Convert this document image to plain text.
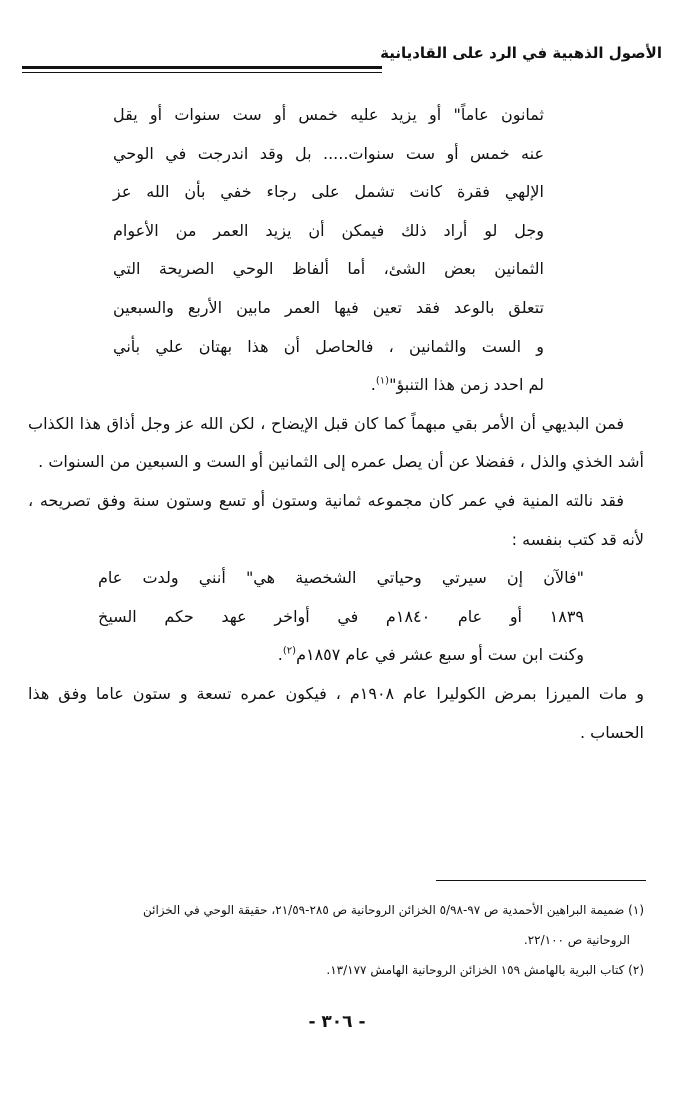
الأصول الذهبية في الرد على القاديانية
ثمانون عاماً" أو يزيد عليه خمس أو ست سنوات أو يقل
عنه خمس أو ست سنوات..... بل وقد اندرجت في الوحي
الإلهي فقرة كانت تشمل على رجاء خفي بأن الله عز
وجل لو أراد ذلك فيمكن أن يزيد العمر من الأعوام
الثمانين بعض الشئ، أما ألفاظ الوحي الصريحة التي
تتعلق بالوعد فقد تعين فيها العمر مابين الأربع والسبعين
و الست والثمانين ، فالحاصل أن هذا بهتان علي بأني
لم احدد زمن هذا التنبؤ"$^{(١)}$.

فمن البديهي أن الأمر بقي مبهماً كما كان قبل الإيضاح ، لكن الله عز وجل أذاق هذا الكذاب أشد الخذي والذل ، ففضلا عن أن يصل عمره إلى الثمانين أو الست و السبعين من السنوات .

فقد نالته المنية في عمر كان مجموعه ثمانية وستون أو تسع وستون سنة وفق تصريحه ، لأنه قد كتب بنفسه :

"فالآن إن سيرتي وحياتي الشخصية هي" أنني ولدت عام
١٨٣٩ أو عام ١٨٤٠م في أواخر عهد حكم السيخ
وكنت ابن ست أو سبع عشر في عام ١٨٥٧م$^{(٢)}$.

و مات الميرزا بمرض الكوليرا عام ١٩٠٨م ، فيكون عمره تسعة و ستون عاما وفق هذا الحساب .

(١) ضميمة البراهين الأحمدية ص ٩٧-٥/٩٨ الخزائن الروحانية ص ٢٨٥-٢١/٥٩، حقيقة الوحي في الخزائن

الروحانية ص ٢٢/١٠٠.

(٢) كتاب البرية بالهامش ١٥٩ الخزائن الروحانية الهامش ١٣/١٧٧.

- ٣٠٦ -
